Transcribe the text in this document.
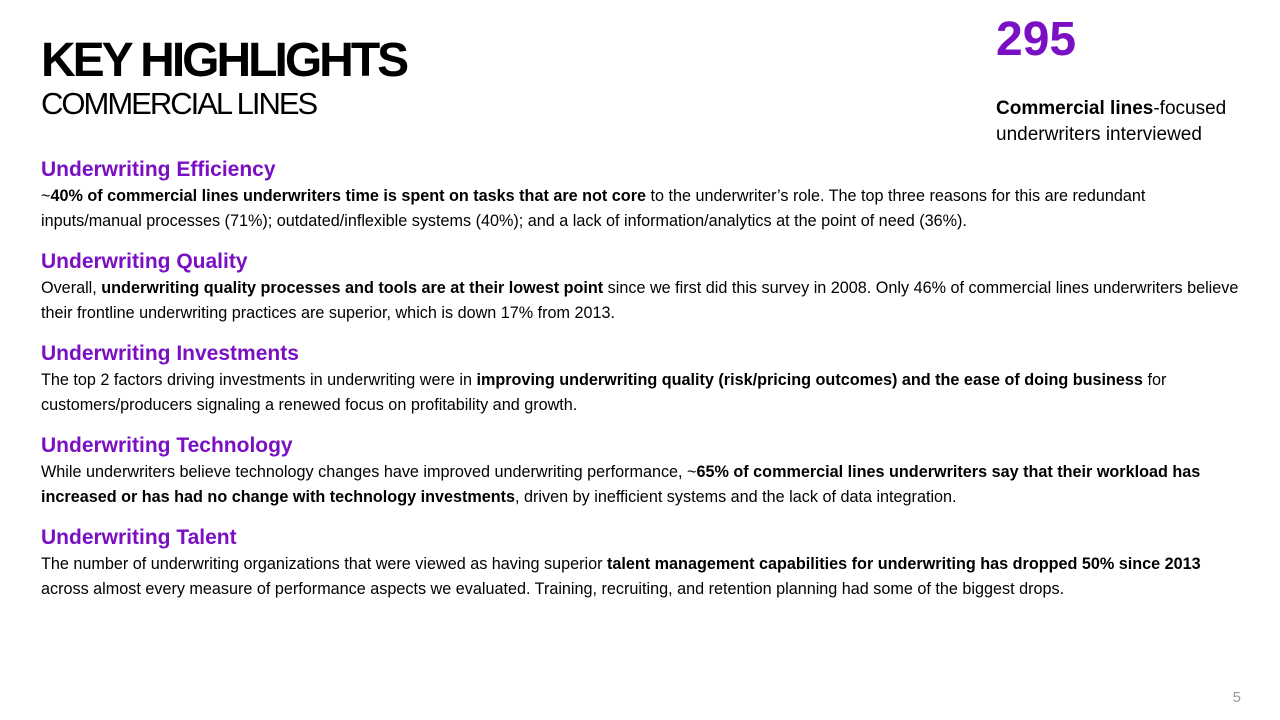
KEY HIGHLIGHTS
COMMERCIAL LINES
295
Commercial lines-focused underwriters interviewed
Underwriting Efficiency

~40% of commercial lines underwriters time is spent on tasks that are not core to the underwriter’s role. The top three reasons for this are redundant inputs/manual processes (71%); outdated/inflexible systems (40%); and a lack of information/analytics at the point of need (36%).

Underwriting Quality

Overall, underwriting quality processes and tools are at their lowest point since we first did this survey in 2008. Only 46% of commercial lines underwriters believe their frontline underwriting practices are superior, which is down 17% from 2013.

Underwriting Investments

The top 2 factors driving investments in underwriting were in improving underwriting quality (risk/pricing outcomes) and the ease of doing business for customers/producers signaling a renewed focus on profitability and growth.

Underwriting Technology

While underwriters believe technology changes have improved underwriting performance, ~65% of commercial lines underwriters say that their workload has increased or has had no change with technology investments, driven by inefficient systems and the lack of data integration.

Underwriting Talent

The number of underwriting organizations that were viewed as having superior talent management capabilities for underwriting has dropped 50% since 2013 across almost every measure of performance aspects we evaluated. Training, recruiting, and retention planning had some of the biggest drops.

5
